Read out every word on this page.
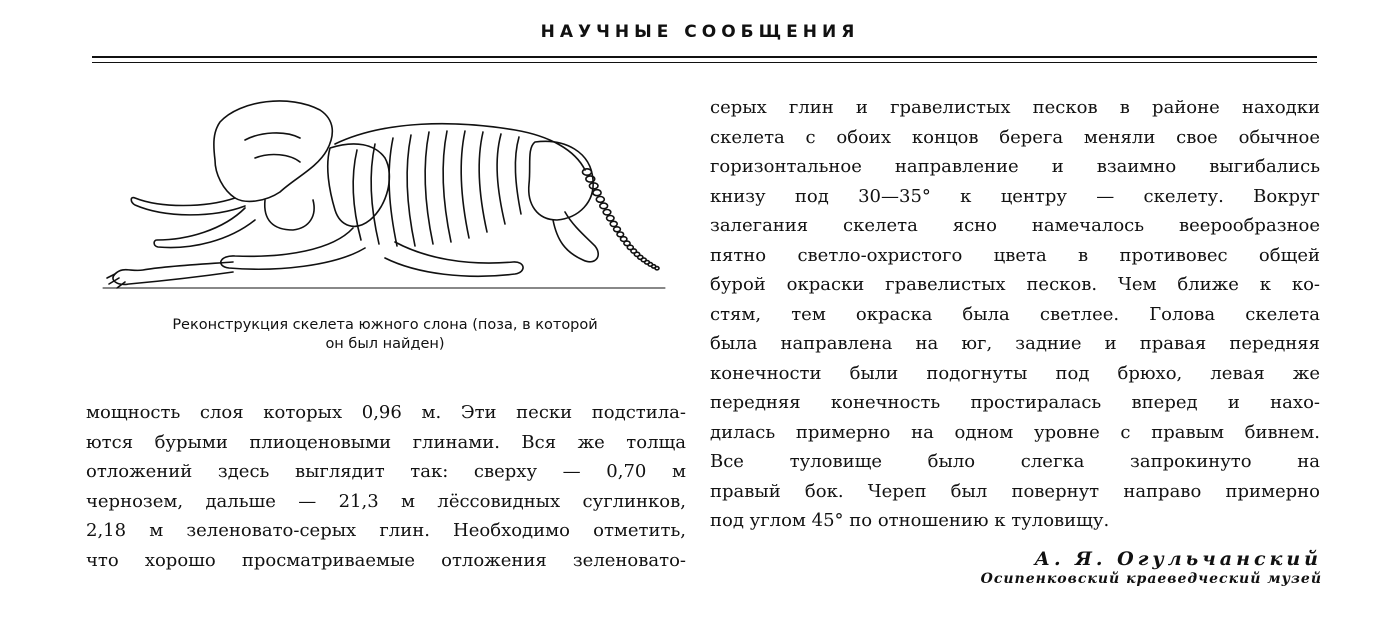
НАУЧНЫЕ СООБЩЕНИЯ
Реконструкция скелета южного слона (поза, в которой
он был найден)
мощность слоя которых 0,96 м. Эти пески подстила-
ются бурыми плиоценовыми глинами. Вся же толща
отложений здесь выглядит так: сверху — 0,70 м
чернозем, дальше — 21,3 м лёссовидных суглинков,
2,18 м зеленовато-серых глин. Необходимо отметить,
что хорошо просматриваемые отложения зеленовато-
серых глин и гравелистых песков в районе находки
скелета с обоих концов берега меняли свое обычное
горизонтальное направление и взаимно выгибались
книзу под 30—35° к центру — скелету. Вокруг
залегания скелета ясно намечалось веерообразное
пятно светло-охристого цвета в противовес общей
бурой окраски гравелистых песков. Чем ближе к ко-
стям, тем окраска была светлее. Голова скелета
была направлена на юг, задние и правая передняя
конечности были подогнуты под брюхо, левая же
передняя конечность простиралась вперед и нахо-
дилась примерно на одном уровне с правым бивнем.
Все туловище было слегка запрокинуто на
правый бок. Череп был повернут направо примерно
под углом 45° по отношению к туловищу.
А. Я. Огульчанский
Осипенковский краеведческий музей
